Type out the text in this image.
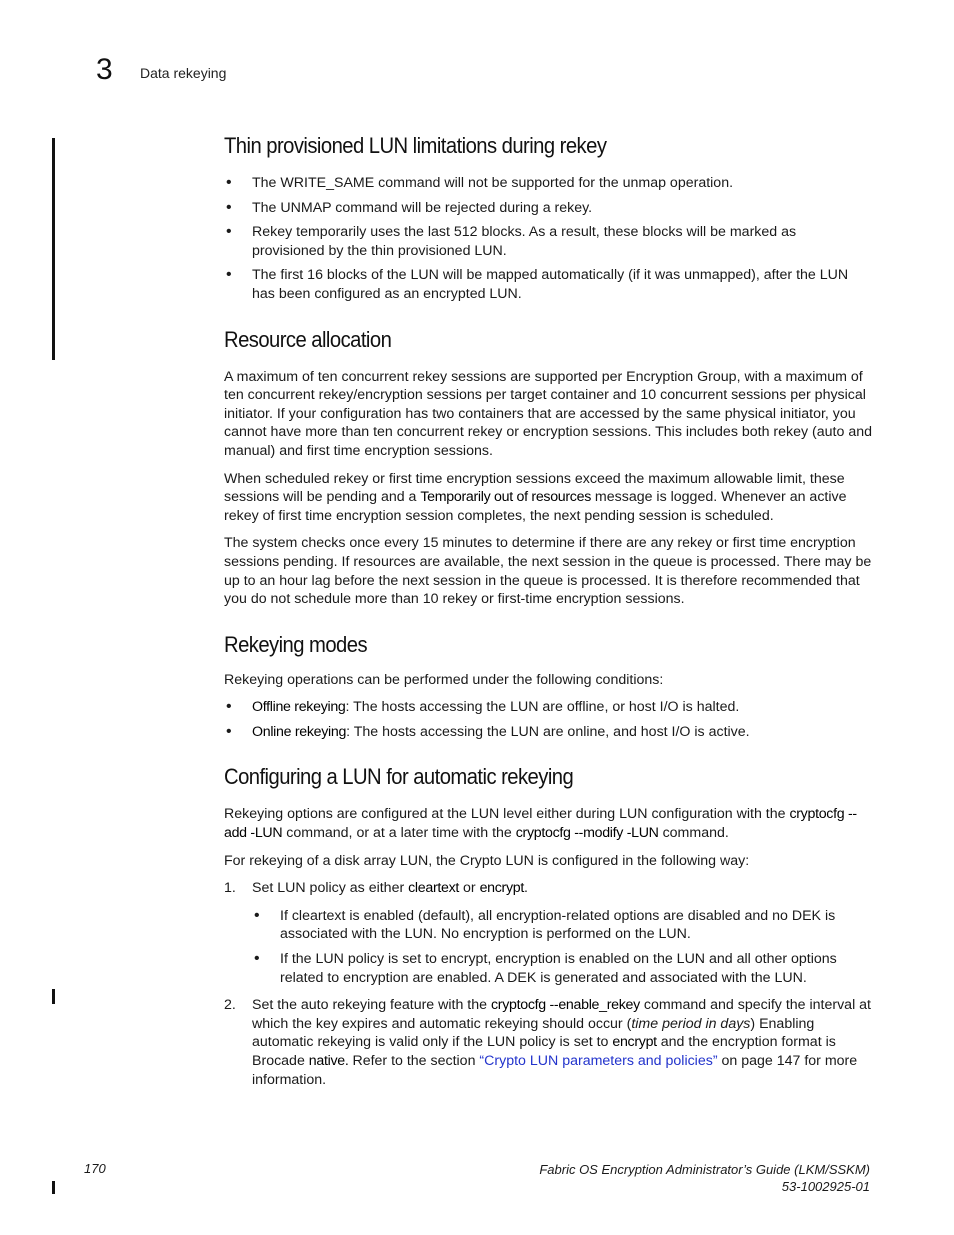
3 Data rekeying
Thin provisioned LUN limitations during rekey
• The WRITE_SAME command will not be supported for the unmap operation.
• The UNMAP command will be rejected during a rekey.
• Rekey temporarily uses the last 512 blocks. As a result, these blocks will be marked as provisioned by the thin provisioned LUN.
• The first 16 blocks of the LUN will be mapped automatically (if it was unmapped), after the LUN has been configured as an encrypted LUN.
Resource allocation

A maximum of ten concurrent rekey sessions are supported per Encryption Group, with a maximum of ten concurrent rekey/encryption sessions per target container and 10 concurrent sessions per physical initiator. If your configuration has two containers that are accessed by the same physical initiator, you cannot have more than ten concurrent rekey or encryption sessions. This includes both rekey (auto and manual) and first time encryption sessions.

When scheduled rekey or first time encryption sessions exceed the maximum allowable limit, these sessions will be pending and a Temporarily out of resources message is logged. Whenever an active rekey of first time encryption session completes, the next pending session is scheduled.

The system checks once every 15 minutes to determine if there are any rekey or first time encryption sessions pending. If resources are available, the next session in the queue is processed. There may be up to an hour lag before the next session in the queue is processed. It is therefore recommended that you do not schedule more than 10 rekey or first-time encryption sessions.

Rekeying modes

Rekeying operations can be performed under the following conditions:

• Offline rekeying: The hosts accessing the LUN are offline, or host I/O is halted.
• Online rekeying: The hosts accessing the LUN are online, and host I/O is active.
Configuring a LUN for automatic rekeying

Rekeying options are configured at the LUN level either during LUN configuration with the cryptocfg --add -LUN command, or at a later time with the cryptocfg --modify -LUN command.

For rekeying of a disk array LUN, the Crypto LUN is configured in the following way:

1. Set LUN policy as either cleartext or encrypt.
• If cleartext is enabled (default), all encryption-related options are disabled and no DEK is associated with the LUN. No encryption is performed on the LUN.
• If the LUN policy is set to encrypt, encryption is enabled on the LUN and all other options related to encryption are enabled. A DEK is generated and associated with the LUN.
2. Set the auto rekeying feature with the cryptocfg --enable_rekey command and specify the interval at which the key expires and automatic rekeying should occur (time period in days) Enabling automatic rekeying is valid only if the LUN policy is set to encrypt and the encryption format is Brocade native. Refer to the section “Crypto LUN parameters and policies” on page 147 for more information.
170	Fabric OS Encryption Administrator’s Guide (LKM/SSKM)
53-1002925-01
